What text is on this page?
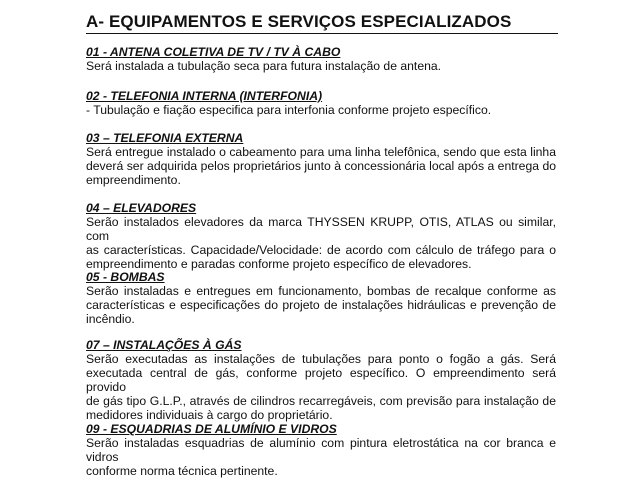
A- EQUIPAMENTOS E SERVIÇOS ESPECIALIZADOS
01 - ANTENA COLETIVA DE TV / TV À CABO
Será instalada a tubulação seca para futura instalação de antena.
02 - TELEFONIA INTERNA (INTERFONIA)
- Tubulação e fiação especifica para interfonia conforme projeto específico.
03 – TELEFONIA EXTERNA
Será entregue instalado o cabeamento para uma linha telefônica, sendo que esta linha
deverá ser adquirida pelos proprietários junto à concessionária local após a entrega do
empreendimento.
04 – ELEVADORES
Serão instalados elevadores da marca THYSSEN KRUPP, OTIS, ATLAS ou similar, com
as características. Capacidade/Velocidade: de acordo com cálculo de tráfego para o
empreendimento e paradas conforme projeto específico de elevadores.
05 - BOMBAS
Serão instaladas e entregues em funcionamento, bombas de recalque conforme as
características e especificações do projeto de instalações hidráulicas e prevenção de
incêndio.
07 – INSTALAÇÕES À GÁS
Serão executadas as instalações de tubulações para ponto o fogão a gás. Será
executada central de gás, conforme projeto específico. O empreendimento será provido
de gás tipo G.L.P., através de cilindros recarregáveis, com previsão para instalação de
medidores individuais à cargo do proprietário.
09 - ESQUADRIAS DE ALUMÍNIO E VIDROS
Serão instaladas esquadrias de alumínio com pintura eletrostática na cor branca e vidros
conforme norma técnica pertinente.
